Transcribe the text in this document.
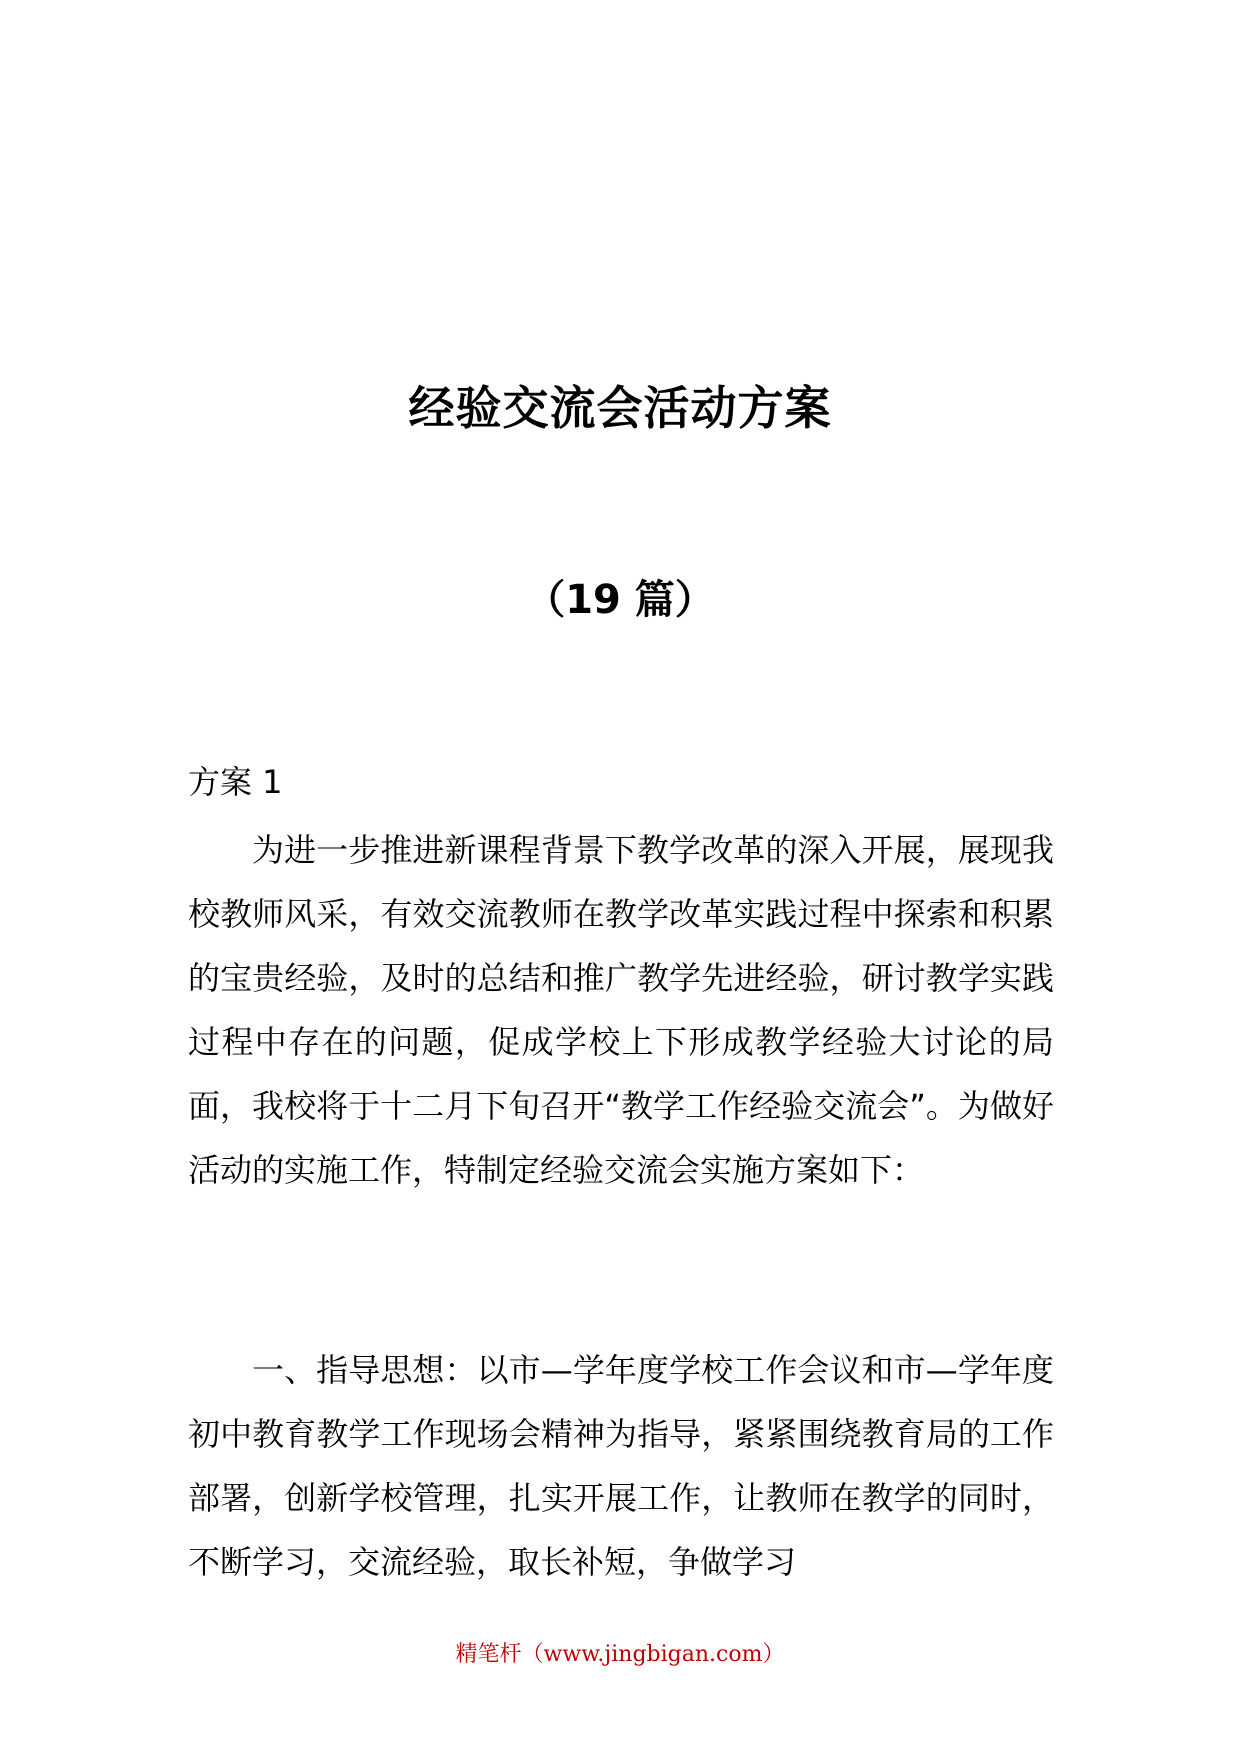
经验交流会活动方案
（19 篇）
方案 1
为进一步推进新课程背景下教学改革的深入开展，展现我校教师风采，有效交流教师在教学改革实践过程中探索和积累的宝贵经验，及时的总结和推广教学先进经验，研讨教学实践过程中存在的问题，促成学校上下形成教学经验大讨论的局面，我校将于十二月下旬召开“教学工作经验交流会”。为做好活动的实施工作，特制定经验交流会实施方案如下：
一、指导思想：以市—学年度学校工作会议和市—学年度初中教育教学工作现场会精神为指导，紧紧围绕教育局的工作部署，创新学校管理，扎实开展工作，让教师在教学的同时，不断学习，交流经验，取长补短，争做学习
精笔杆（www.jingbigan.com）
